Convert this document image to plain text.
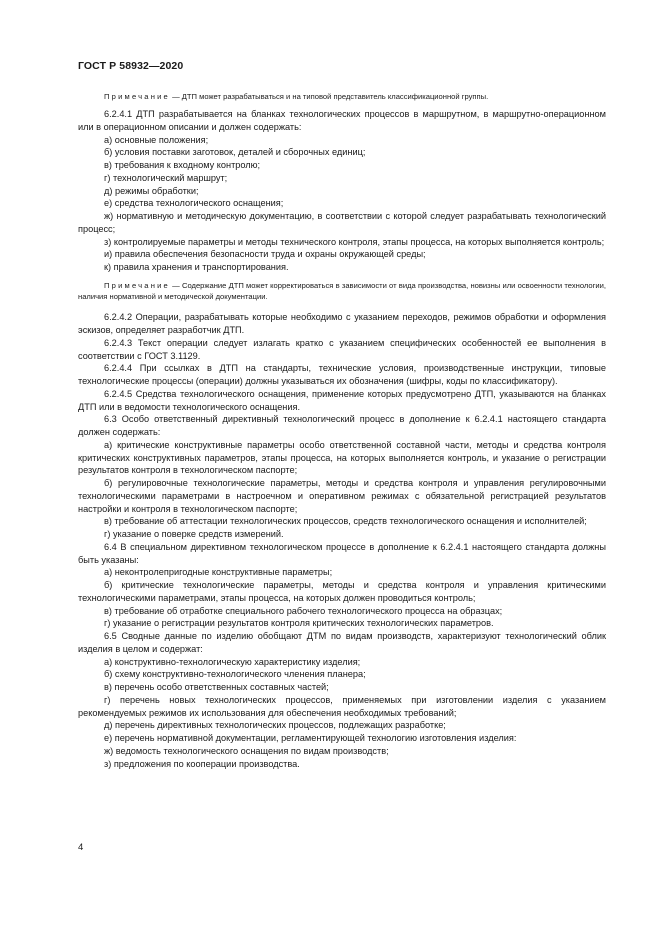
ГОСТ Р 58932—2020

Примечание — ДТП может разрабатываться и на типовой представитель классификационной группы.

6.2.4.1 ДТП разрабатывается на бланках технологических процессов в маршрутном, в маршрутно-операционном или в операционном описании и должен содержать:

а) основные положения;

б) условия поставки заготовок, деталей и сборочных единиц;

в) требования к входному контролю;

г) технологический маршрут;

д) режимы обработки;

е) средства технологического оснащения;

ж) нормативную и методическую документацию, в соответствии с которой следует разрабатывать технологический процесс;

з) контролируемые параметры и методы технического контроля, этапы процесса, на которых выполняется контроль;

и) правила обеспечения безопасности труда и охраны окружающей среды;

к) правила хранения и транспортирования.

Примечание — Содержание ДТП может корректироваться в зависимости от вида производства, новизны или освоенности технологии, наличия нормативной и методической документации.

6.2.4.2 Операции, разрабатывать которые необходимо с указанием переходов, режимов обработки и оформления эскизов, определяет разработчик ДТП.

6.2.4.3 Текст операции следует излагать кратко с указанием специфических особенностей ее выполнения в соответствии с ГОСТ 3.1129.

6.2.4.4 При ссылках в ДТП на стандарты, технические условия, производственные инструкции, типовые технологические процессы (операции) должны указываться их обозначения (шифры, коды по классификатору).

6.2.4.5 Средства технологического оснащения, применение которых предусмотрено ДТП, указываются на бланках ДТП или в ведомости технологического оснащения.

6.3 Особо ответственный директивный технологический процесс в дополнение к 6.2.4.1 настоящего стандарта должен содержать:

а) критические конструктивные параметры особо ответственной составной части, методы и средства контроля критических конструктивных параметров, этапы процесса, на которых выполняется контроль, и указание о регистрации результатов контроля в технологическом паспорте;

б) регулировочные технологические параметры, методы и средства контроля и управления регулировочными технологическими параметрами в настроечном и оперативном режимах с обязательной регистрацией результатов настройки и контроля в технологическом паспорте;

в) требование об аттестации технологических процессов, средств технологического оснащения и исполнителей;

г) указание о поверке средств измерений.

6.4 В специальном директивном технологическом процессе в дополнение к 6.2.4.1 настоящего стандарта должны быть указаны:

а) неконтролепригодные конструктивные параметры;

б) критические технологические параметры, методы и средства контроля и управления критическими технологическими параметрами, этапы процесса, на которых должен проводиться контроль;

в) требование об отработке специального рабочего технологического процесса на образцах;

г) указание о регистрации результатов контроля критических технологических параметров.

6.5 Сводные данные по изделию обобщают ДТМ по видам производств, характеризуют технологический облик изделия в целом и содержат:

а) конструктивно-технологическую характеристику изделия;

б) схему конструктивно-технологического членения планера;

в) перечень особо ответственных составных частей;

г) перечень новых технологических процессов, применяемых при изготовлении изделия с указанием рекомендуемых режимов их использования для обеспечения необходимых требований;

д) перечень директивных технологических процессов, подлежащих разработке;

е) перечень нормативной документации, регламентирующей технологию изготовления изделия:

ж) ведомость технологического оснащения по видам производств;

з) предложения по кооперации производства.

4
